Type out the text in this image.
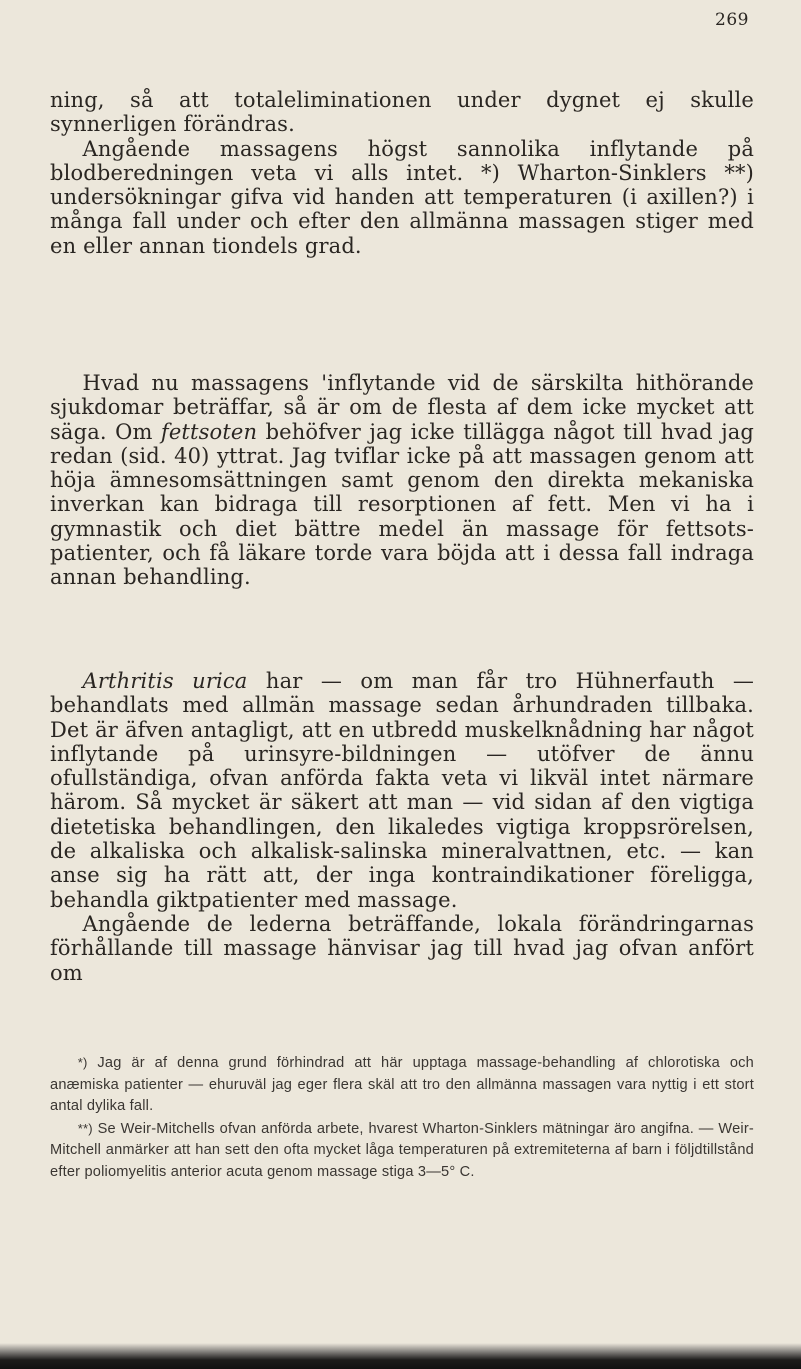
269

ning, så att totaleliminationen under dygnet ej skulle synnerligen förändras.

Angående massagens högst sannolika inflytande på blodberedningen veta vi alls intet. *) Wharton-Sinklers **) undersökningar gifva vid handen att temperaturen (i axillen?) i många fall under och efter den allmänna massagen stiger med en eller annan tiondels grad.

Hvad nu massagens 'inflytande vid de särskilta hithörande sjukdomar beträffar, så är om de flesta af dem icke mycket att säga. Om fettsoten behöfver jag icke tillägga något till hvad jag redan (sid. 40) yttrat. Jag tviflar icke på att massagen genom att höja ämnesomsättningen samt genom den direkta mekaniska inverkan kan bidraga till resorptionen af fett. Men vi ha i gymnastik och diet bättre medel än massage för fettsots-patienter, och få läkare torde vara böjda att i dessa fall indraga annan behandling.

Arthritis urica har — om man får tro Hühnerfauth — behandlats med allmän massage sedan århundraden tillbaka. Det är äfven antagligt, att en utbredd muskelknådning har något inflytande på urinsyre-bildningen — utöfver de ännu ofullständiga, ofvan anförda fakta veta vi likväl intet närmare härom. Så mycket är säkert att man — vid sidan af den vigtiga dietetiska behandlingen, den likaledes vigtiga kroppsrörelsen, de alkaliska och alkalisk-salinska mineralvattnen, etc. — kan anse sig ha rätt att, der inga kontraindikationer föreligga, behandla giktpatienter med massage.

Angående de lederna beträffande, lokala förändringarnas förhållande till massage hänvisar jag till hvad jag ofvan anfört om

*) Jag är af denna grund förhindrad att här upptaga massage-behandling af chlorotiska och anæmiska patienter — ehuruväl jag eger flera skäl att tro den allmänna massagen vara nyttig i ett stort antal dylika fall.

**) Se Weir-Mitchells ofvan anförda arbete, hvarest Wharton-Sinklers mätningar äro angifna. — Weir-Mitchell anmärker att han sett den ofta mycket låga temperaturen på extremiteterna af barn i följdtillstånd efter poliomyelitis anterior acuta genom massage stiga 3—5° C.
